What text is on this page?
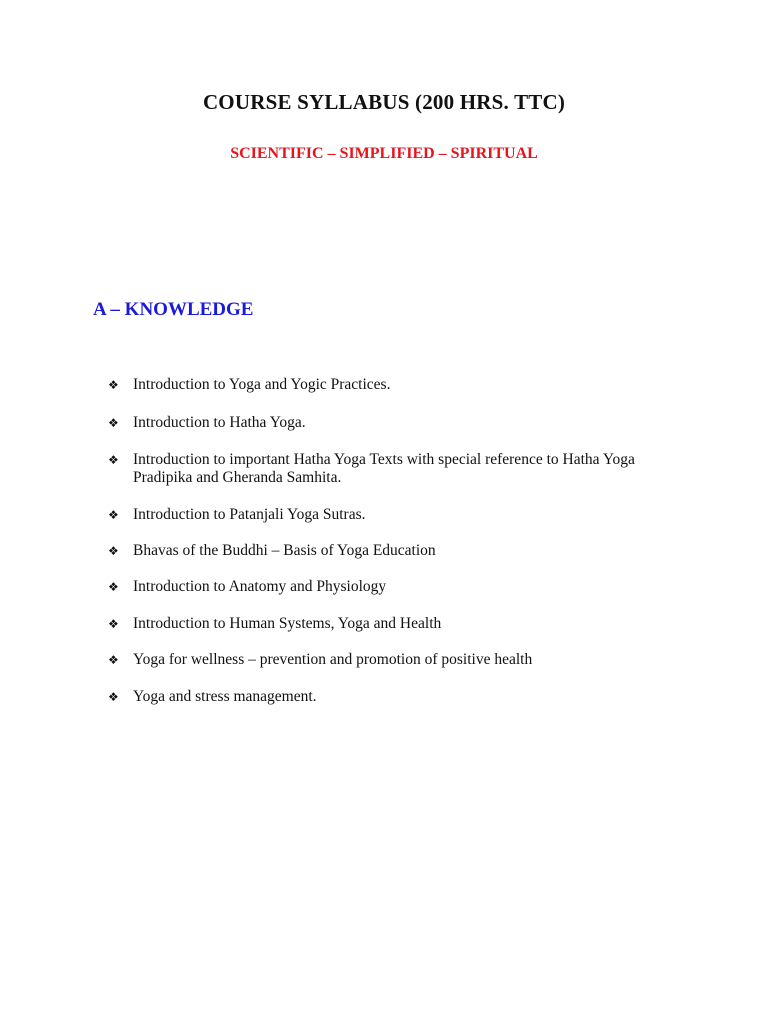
COURSE SYLLABUS (200 HRS. TTC)
SCIENTIFIC – SIMPLIFIED – SPIRITUAL
A – KNOWLEDGE
❖ Introduction to Yoga and Yogic Practices.
❖ Introduction to Hatha Yoga.
❖ Introduction to important Hatha Yoga Texts with special reference to Hatha Yoga Pradipika and Gheranda Samhita.
❖ Introduction to Patanjali Yoga Sutras.
❖ Bhavas of the Buddhi – Basis of Yoga Education
❖ Introduction to Anatomy and Physiology
❖ Introduction to Human Systems, Yoga and Health
❖ Yoga for wellness – prevention and promotion of positive health
❖ Yoga and stress management.
